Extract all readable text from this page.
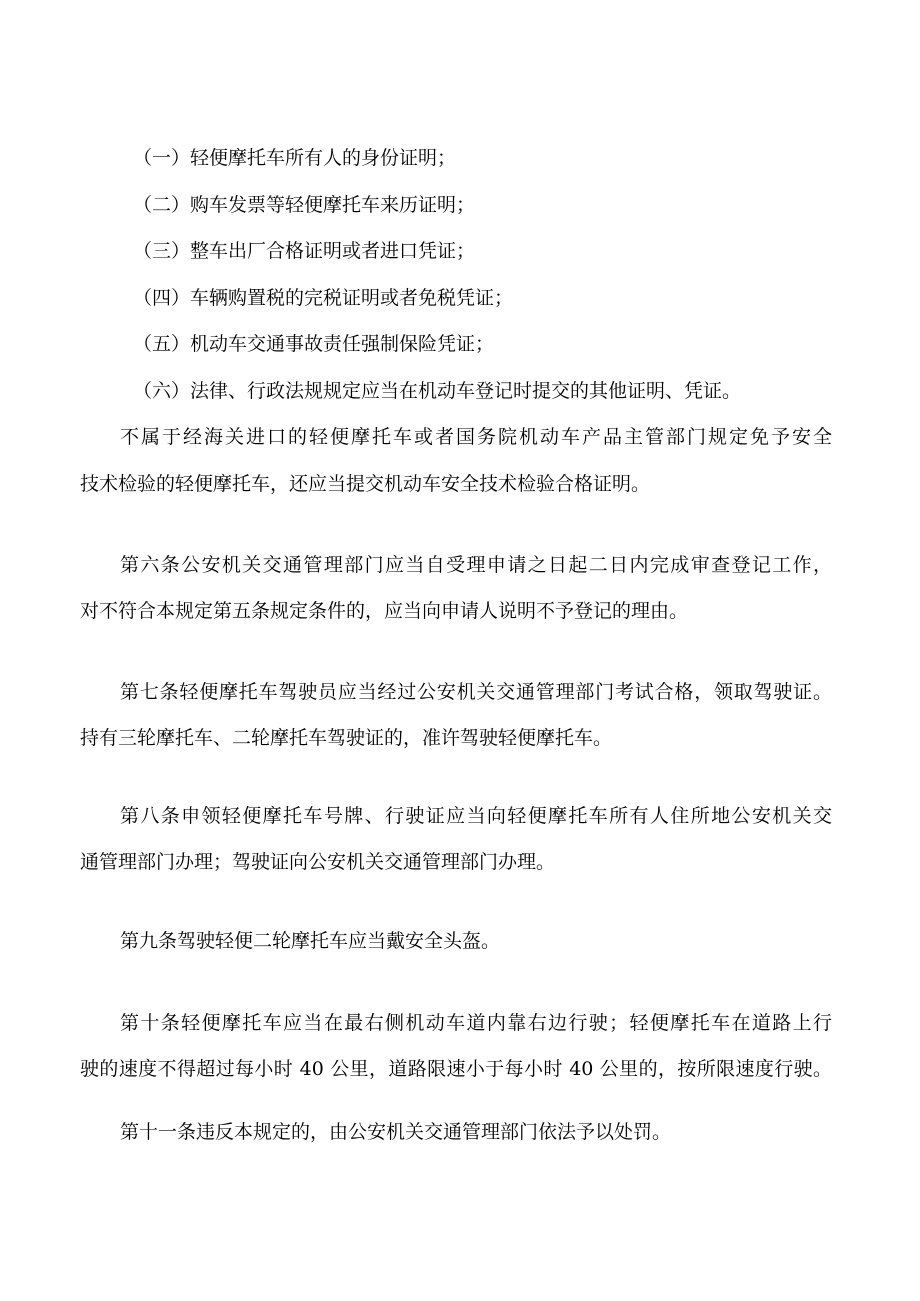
（一）轻便摩托车所有人的身份证明；
（二）购车发票等轻便摩托车来历证明；
（三）整车出厂合格证明或者进口凭证；
（四）车辆购置税的完税证明或者免税凭证；
（五）机动车交通事故责任强制保险凭证；
（六）法律、行政法规规定应当在机动车登记时提交的其他证明、凭证。
不属于经海关进口的轻便摩托车或者国务院机动车产品主管部门规定免予安全
技术检验的轻便摩托车，还应当提交机动车安全技术检验合格证明。
第六条公安机关交通管理部门应当自受理申请之日起二日内完成审查登记工作，
对不符合本规定第五条规定条件的，应当向申请人说明不予登记的理由。
第七条轻便摩托车驾驶员应当经过公安机关交通管理部门考试合格，领取驾驶证。
持有三轮摩托车、二轮摩托车驾驶证的，准许驾驶轻便摩托车。
第八条申领轻便摩托车号牌、行驶证应当向轻便摩托车所有人住所地公安机关交
通管理部门办理；驾驶证向公安机关交通管理部门办理。
第九条驾驶轻便二轮摩托车应当戴安全头盔。
第十条轻便摩托车应当在最右侧机动车道内靠右边行驶；轻便摩托车在道路上行
驶的速度不得超过每小时 40 公里，道路限速小于每小时 40 公里的，按所限速度行驶。
第十一条违反本规定的，由公安机关交通管理部门依法予以处罚。
